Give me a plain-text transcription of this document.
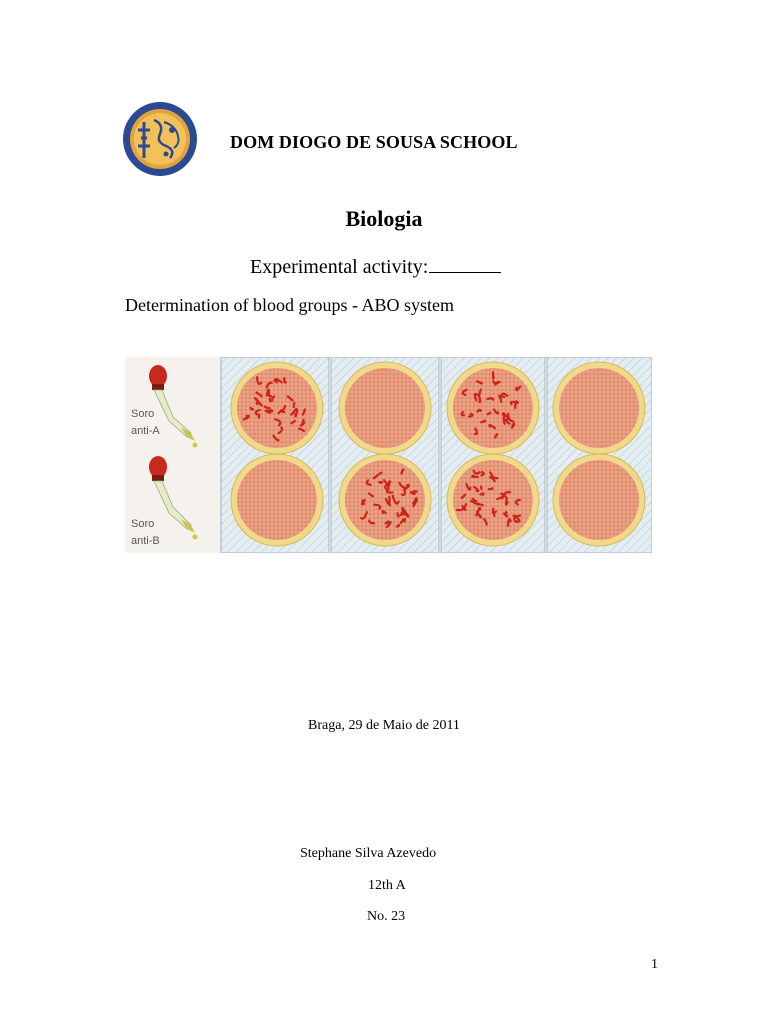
DOM DIOGO DE SOUSA SCHOOL
Biologia
Experimental activity:
Determination of blood groups - ABO system
Soro
anti-A
Soro
anti-B
Braga, 29 de Maio de 2011
Stephane Silva Azevedo
12th A
No. 23
1
